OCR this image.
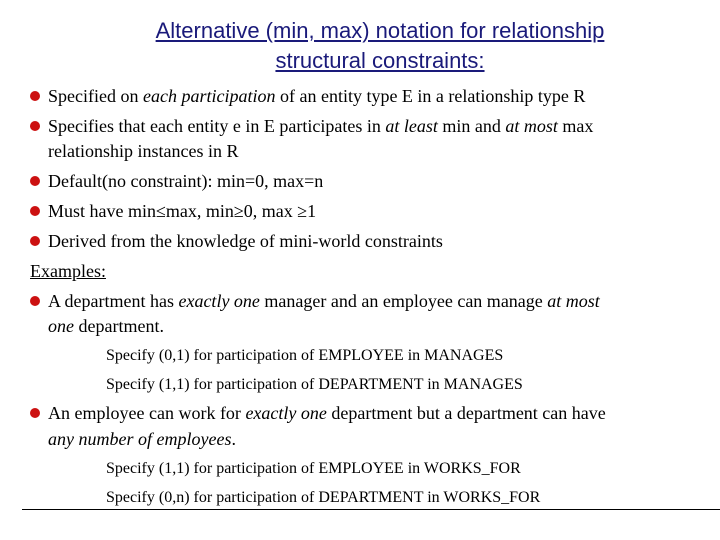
Alternative (min, max) notation for relationship
structural constraints:
Specified on each participation of an entity type E in a relationship type R
Specifies that each entity e in E participates in at least min and at most max
relationship instances in R
Default(no constraint): min=0, max=n
Must have min≤max, min≥0, max ≥1
Derived from the knowledge of mini-world constraints
Examples:
A department has exactly one manager and an employee can manage at most
one department.
Specify (0,1) for participation of EMPLOYEE in MANAGES
Specify (1,1) for participation of DEPARTMENT in MANAGES
An employee can work for exactly one department but a department can have
any number of employees.
Specify (1,1) for participation of EMPLOYEE in WORKS_FOR
Specify (0,n) for participation of DEPARTMENT in WORKS_FOR
